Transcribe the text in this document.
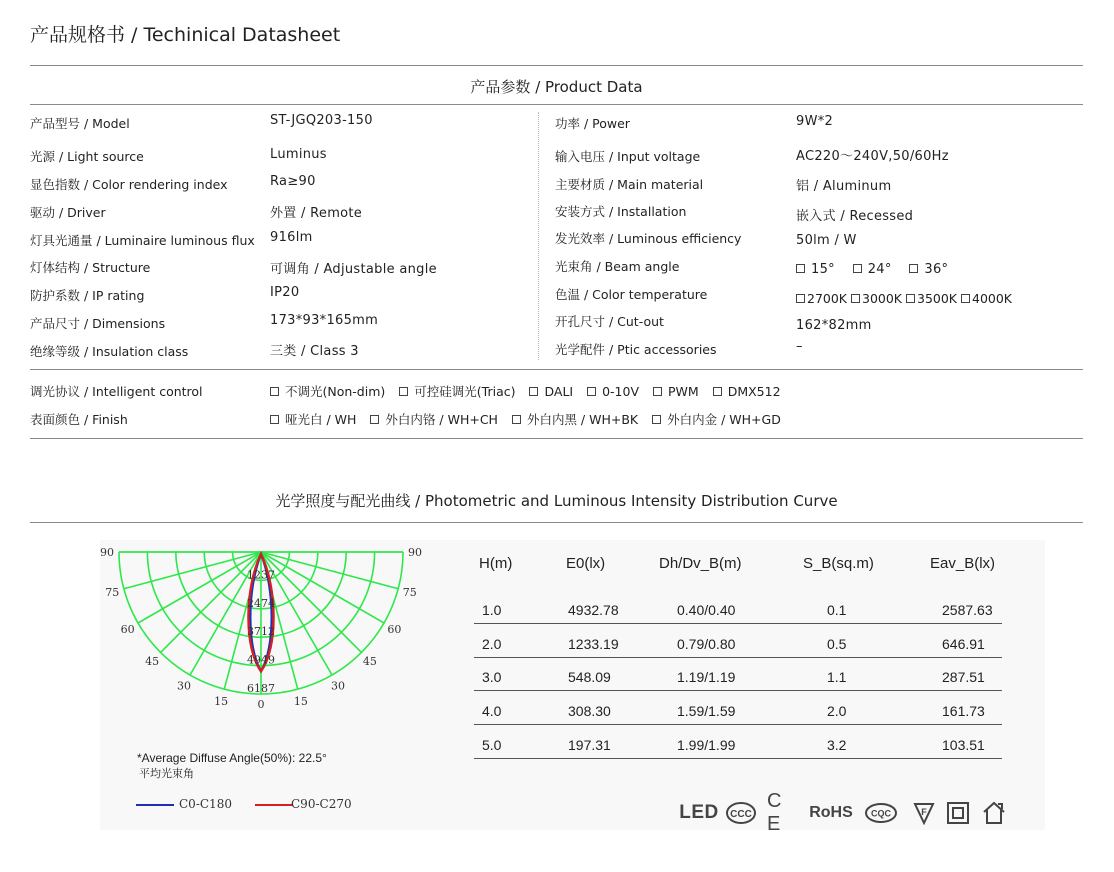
产品规格书 / Techinical Datasheet
产品参数 / Product Data
产品型号 / Model	ST-JGQ203-150
光源 / Light source	Luminus
显色指数 / Color rendering index	Ra≥90
驱动 / Driver	外置 / Remote
灯具光通量 / Luminaire luminous flux 916lm
灯体结构 / Structure	可调角 / Adjustable angle
防护系数 / IP rating	IP20
产品尺寸 / Dimensions	173*93*165mm
绝缘等级 / Insulation class	三类 / Class 3
功率 / Power	9W*2
输入电压 / Input voltage	AC220～240V,50/60Hz
主要材质 / Main material	铝 / Aluminum
安装方式 / Installation	嵌入式 / Recessed
发光效率 / Luminous efficiency	50lm / W
光束角 / Beam angle	15°	24°	36°
色温 / Color temperature	2700K 3000K 3500K 4000K
开孔尺寸 / Cut-out	162*82mm
光学配件 / Ptic accessories	–
调光协议 / Intelligent control	不调光(Non-dim) 可控硅调光(Triac) DALI 0-10V PWM DMX512
表面颜色 / Finish	哑光白 / WH 外白内铬 / WH+CH 外白内黑 / WH+BK 外白内金 / WH+GD
光学照度与配光曲线 / Photometric and Luminous Intensity Distribution Curve
90	90
75	75
60	60
45	45
30	30
15	15
0
1237
2474
3712
4949
6187
H(m)	E0(lx)	Dh/Dv_B(m)	S_B(sq.m)	Eav_B(lx)
1.0	4932.78	0.40/0.40	0.1	2587.63
2.0	1233.19	0.79/0.80	0.5	646.91
3.0	548.09	1.19/1.19	1.1	287.51
4.0	308.30	1.59/1.59	2.0	161.73
5.0	197.31	1.99/1.99	3.2	103.51
*Average Diffuse Angle(50%): 22.5°
平均光束角
C0-C180	C90-C270	LED CCC
C E
RoHS	CQC	F
